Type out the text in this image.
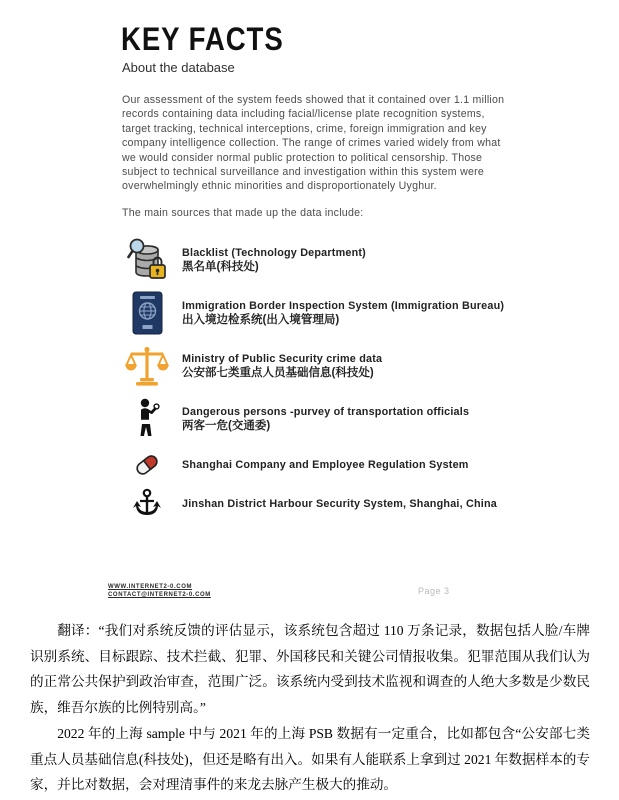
KEY FACTS
About the database
Our assessment of the system feeds showed that it contained over 1.1 million records containing data including facial/license plate recognition systems, target tracking, technical interceptions, crime, foreign immigration and key company intelligence collection. The range of crimes varied widely from what we would consider normal public protection to political censorship. Those subject to technical surveillance and investigation within this system were overwhelmingly ethnic minorities and disproportionately Uyghur.
The main sources that made up the data include:
Blacklist (Technology Department)
黑名单(科技处)
Immigration Border Inspection System (Immigration Bureau)
出入境边检系统(出入境管理局)
Ministry of Public Security crime data
公安部七类重点人员基础信息(科技处)
Dangerous persons -purvey of transportation officials
两客一危(交通委)
Shanghai Company and Employee Regulation System
Jinshan District Harbour Security System, Shanghai, China
WWW.INTERNET2-0.COM
CONTACT@INTERNET2-0.COM	Page 3

翻译：“我们对系统反馈的评估显示，该系统包含超过 110 万条记录，数据包括人脸/车牌识别系统、目标跟踪、技术拦截、犯罪、外国移民和关键公司情报收集。犯罪范围从我们认为的正常公共保护到政治审查，范围广泛。该系统内受到技术监视和调查的人绝大多数是少数民族，维吾尔族的比例特别高。”

2022 年的上海 sample 中与 2021 年的上海 PSB 数据有一定重合，比如都包含“公安部七类重点人员基础信息(科技处)，但还是略有出入。如果有人能联系上拿到过 2021 年数据样本的专家，并比对数据，会对理清事件的来龙去脉产生极大的推动。
